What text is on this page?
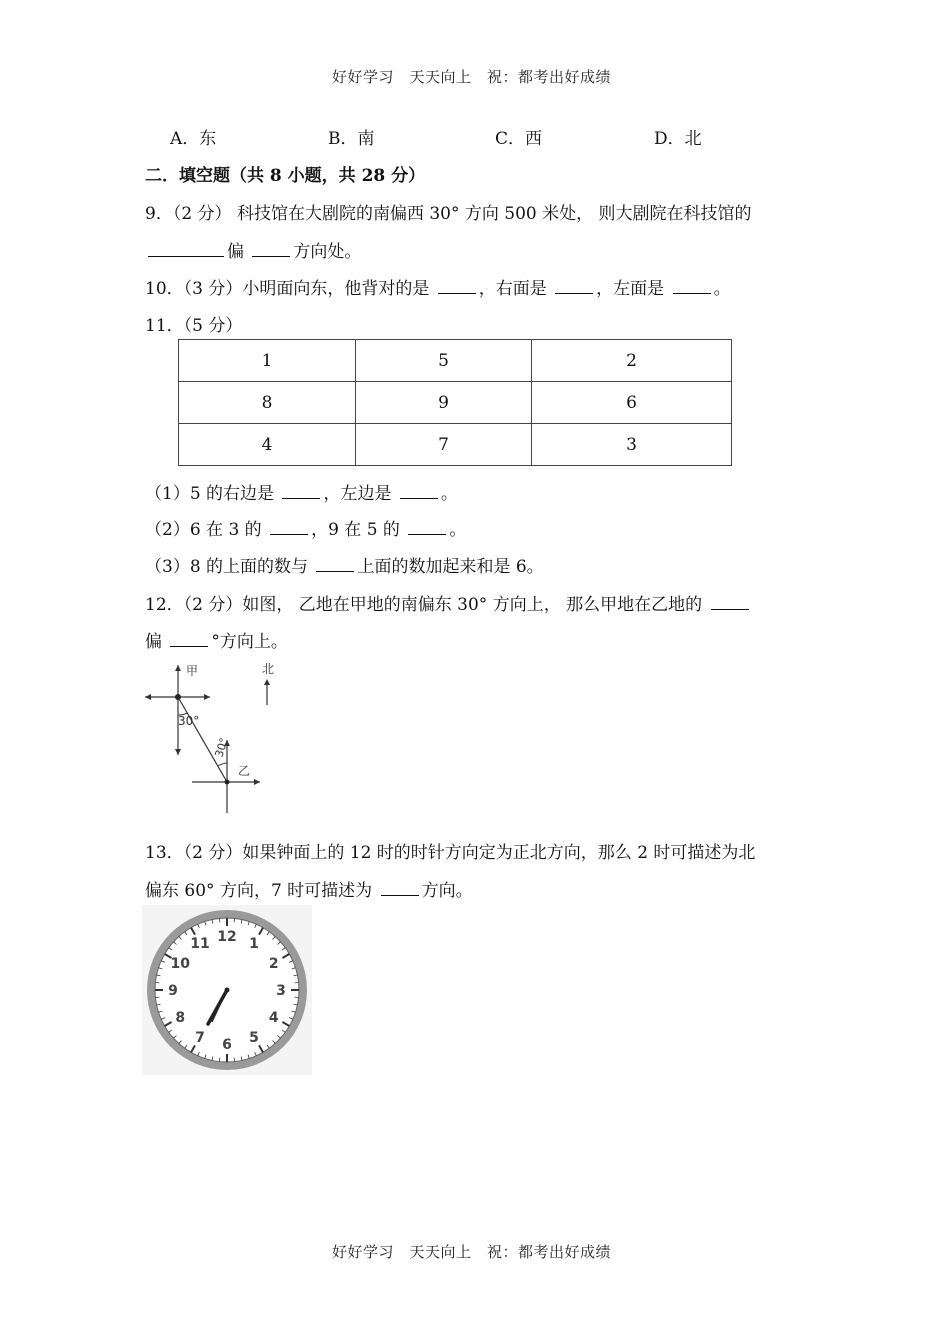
好好学习　天天向上　祝：都考出好成绩
A．东	B．南	C．西	D．北
二．填空题（共 8 小题，共 28 分）
9．（2 分） 科技馆在大剧院的南偏西 30° 方向 500 米处， 则大剧院在科技馆的
偏	方向处。
10．（3 分）小明面向东，他背对的是	，右面是	，左面是	。
11．（5 分）
1	5	2
8	9	6
4	7	3
（1）5 的右边是	，左边是	。
（2）6 在 3 的	，9 在 5 的	。
（3）8 的上面的数与	上面的数加起来和是 6。
12．（2 分）如图， 乙地在甲地的南偏东 30° 方向上， 那么甲地在乙地的
偏	°方向上。
甲	北
乙
30°
30°
13．（2 分）如果钟面上的 12 时的时针方向定为正北方向，那么 2 时可描述为北
偏东 60° 方向，7 时可描述为	方向。
12 1
2
3
4
5
6
7
8
9
10
11
好好学习　天天向上　祝：都考出好成绩
